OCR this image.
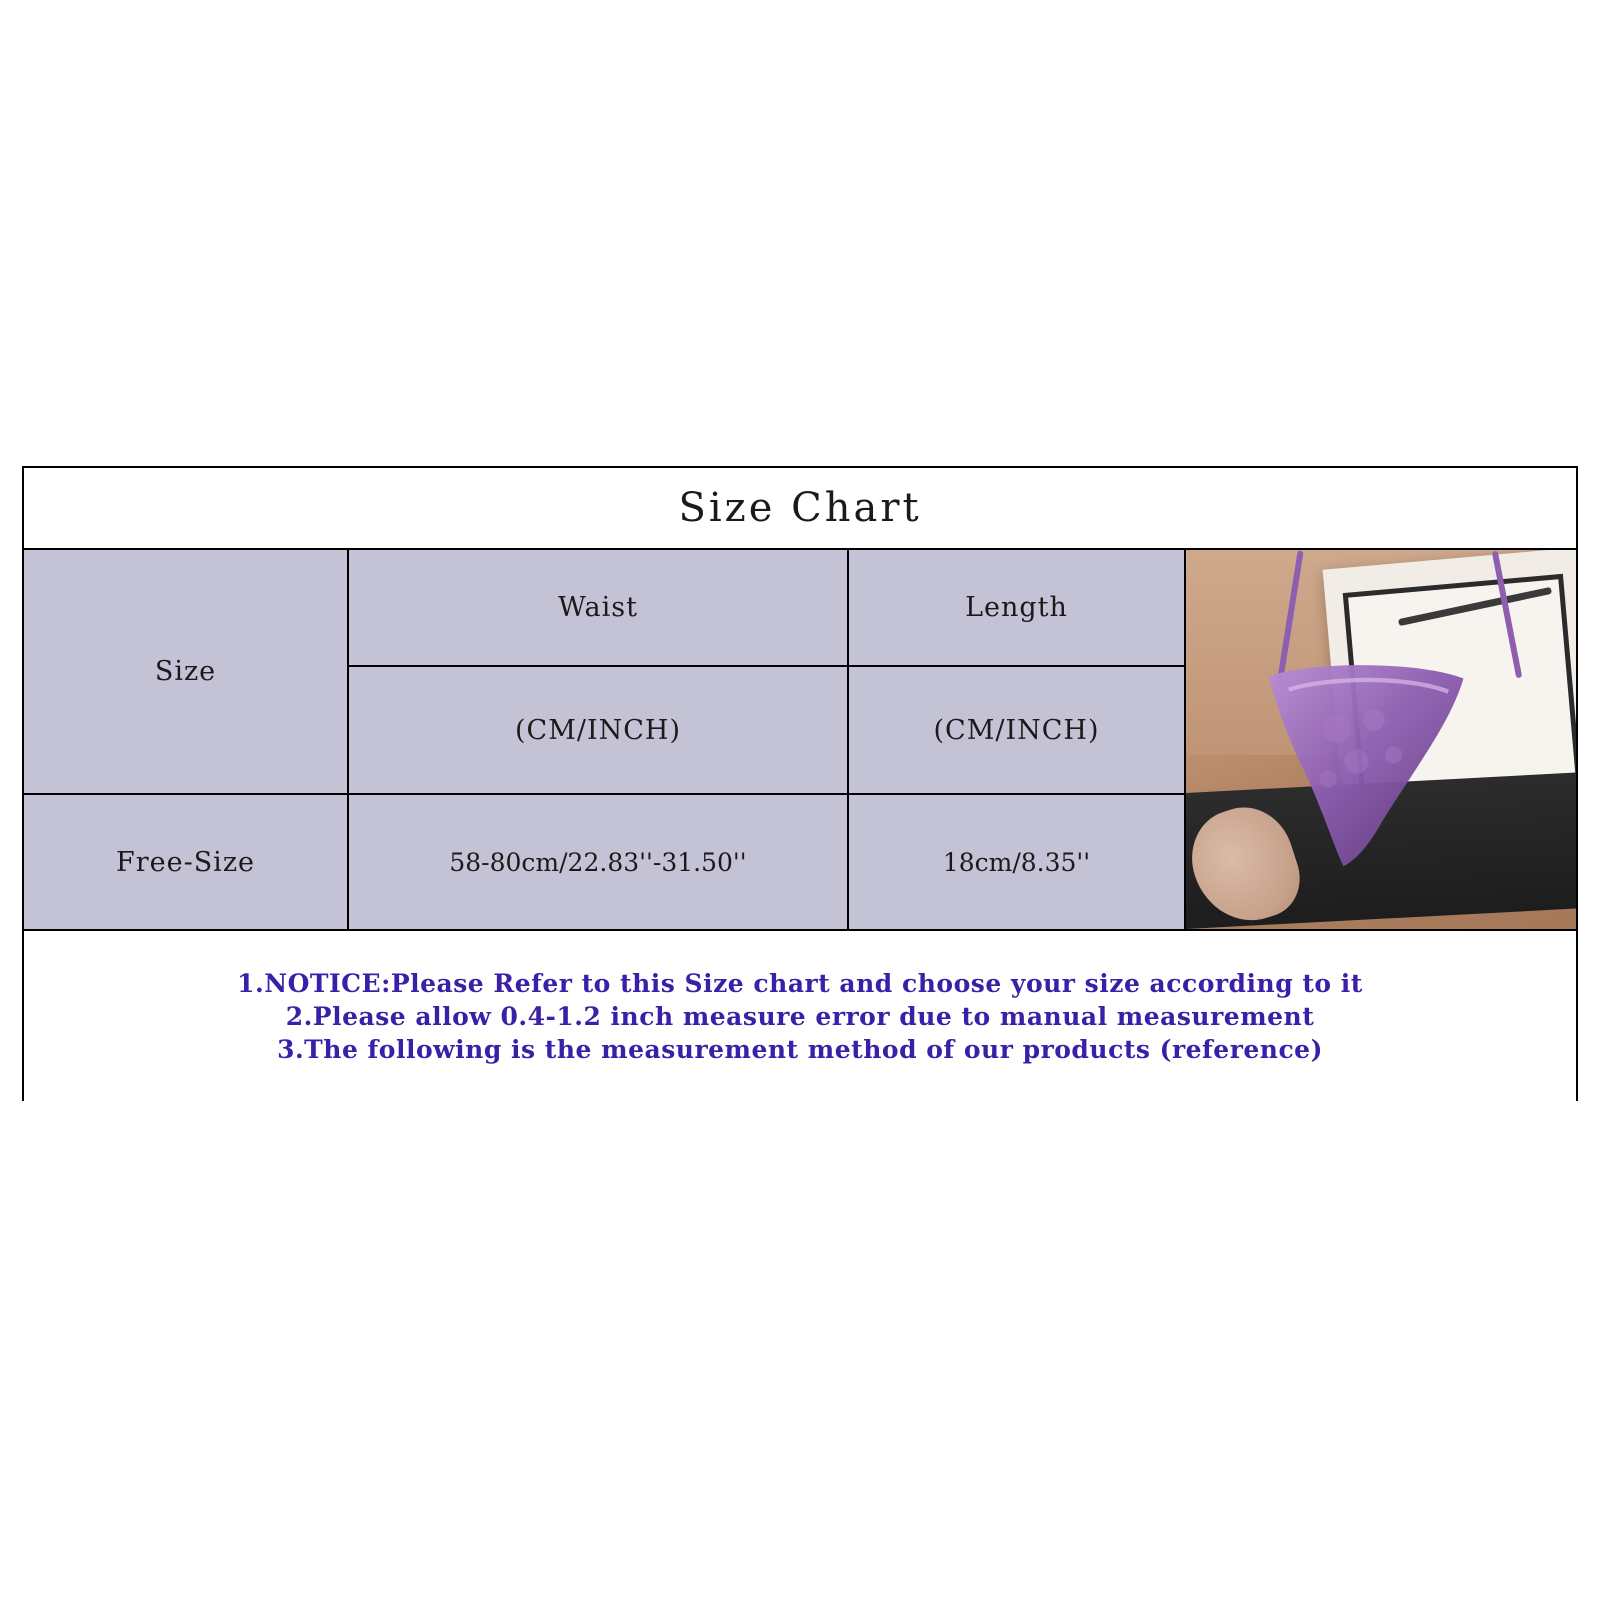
Size Chart
Size
Free-Size
Waist
(CM/INCH)
58-80cm/22.83''-31.50''
Length
(CM/INCH)
18cm/8.35''
1.NOTICE:Please Refer to this Size chart and choose your size according to it
2.Please allow 0.4-1.2 inch measure error due to manual measurement
3.The following is the measurement method of our products (reference)
